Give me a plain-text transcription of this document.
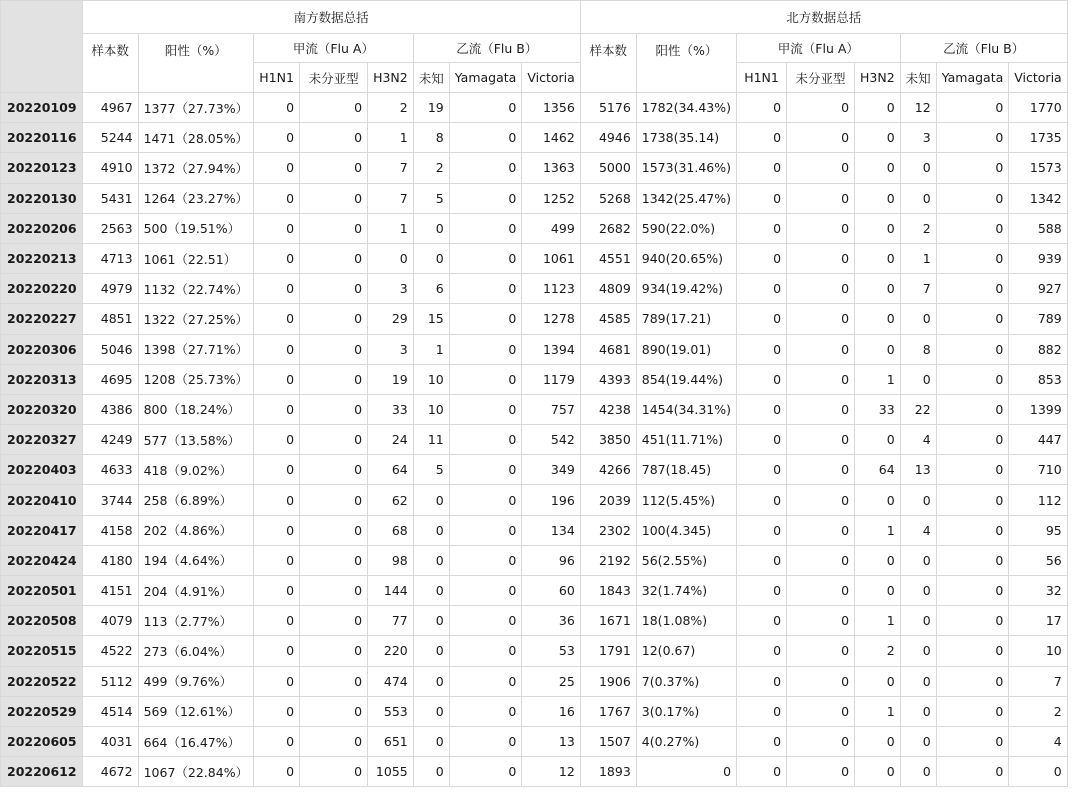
	南方数据总括								北方数据总括							
	样本数	阳性（%）	甲流（Flu A）			乙流（Flu B）			样本数	阳性（%）	甲流（Flu A）			乙流（Flu B）		
			H1N1	未分亚型	H3N2	未知	Yamagata	Victoria			H1N1	未分亚型	H3N2	未知	Yamagata	Victoria
20220109	4967	1377（27.73%）	0	0	2	19	0	1356	5176	1782(34.43%)	0	0	0	12	0	1770
20220116	5244	1471（28.05%）	0	0	1	8	0	1462	4946	1738(35.14)	0	0	0	3	0	1735
20220123	4910	1372（27.94%）	0	0	7	2	0	1363	5000	1573(31.46%)	0	0	0	0	0	1573
20220130	5431	1264（23.27%）	0	0	7	5	0	1252	5268	1342(25.47%)	0	0	0	0	0	1342
20220206	2563	500（19.51%）	0	0	1	0	0	499	2682	590(22.0%)	0	0	0	2	0	588
20220213	4713	1061（22.51）	0	0	0	0	0	1061	4551	940(20.65%)	0	0	0	1	0	939
20220220	4979	1132（22.74%）	0	0	3	6	0	1123	4809	934(19.42%)	0	0	0	7	0	927
20220227	4851	1322（27.25%）	0	0	29	15	0	1278	4585	789(17.21)	0	0	0	0	0	789
20220306	5046	1398（27.71%）	0	0	3	1	0	1394	4681	890(19.01)	0	0	0	8	0	882
20220313	4695	1208（25.73%）	0	0	19	10	0	1179	4393	854(19.44%)	0	0	1	0	0	853
20220320	4386	800（18.24%）	0	0	33	10	0	757	4238	1454(34.31%)	0	0	33	22	0	1399
20220327	4249	577（13.58%）	0	0	24	11	0	542	3850	451(11.71%)	0	0	0	4	0	447
20220403	4633	418（9.02%）	0	0	64	5	0	349	4266	787(18.45)	0	0	64	13	0	710
20220410	3744	258（6.89%）	0	0	62	0	0	196	2039	112(5.45%)	0	0	0	0	0	112
20220417	4158	202（4.86%）	0	0	68	0	0	134	2302	100(4.345)	0	0	1	4	0	95
20220424	4180	194（4.64%）	0	0	98	0	0	96	2192	56(2.55%)	0	0	0	0	0	56
20220501	4151	204（4.91%）	0	0	144	0	0	60	1843	32(1.74%)	0	0	0	0	0	32
20220508	4079	113（2.77%）	0	0	77	0	0	36	1671	18(1.08%)	0	0	1	0	0	17
20220515	4522	273（6.04%）	0	0	220	0	0	53	1791	12(0.67)	0	0	2	0	0	10
20220522	5112	499（9.76%）	0	0	474	0	0	25	1906	7(0.37%)	0	0	0	0	0	7
20220529	4514	569（12.61%）	0	0	553	0	0	16	1767	3(0.17%)	0	0	1	0	0	2
20220605	4031	664（16.47%）	0	0	651	0	0	13	1507	4(0.27%)	0	0	0	0	0	4
20220612	4672	1067（22.84%）	0	0	1055	0	0	12	1893	0	0	0	0	0	0	0
